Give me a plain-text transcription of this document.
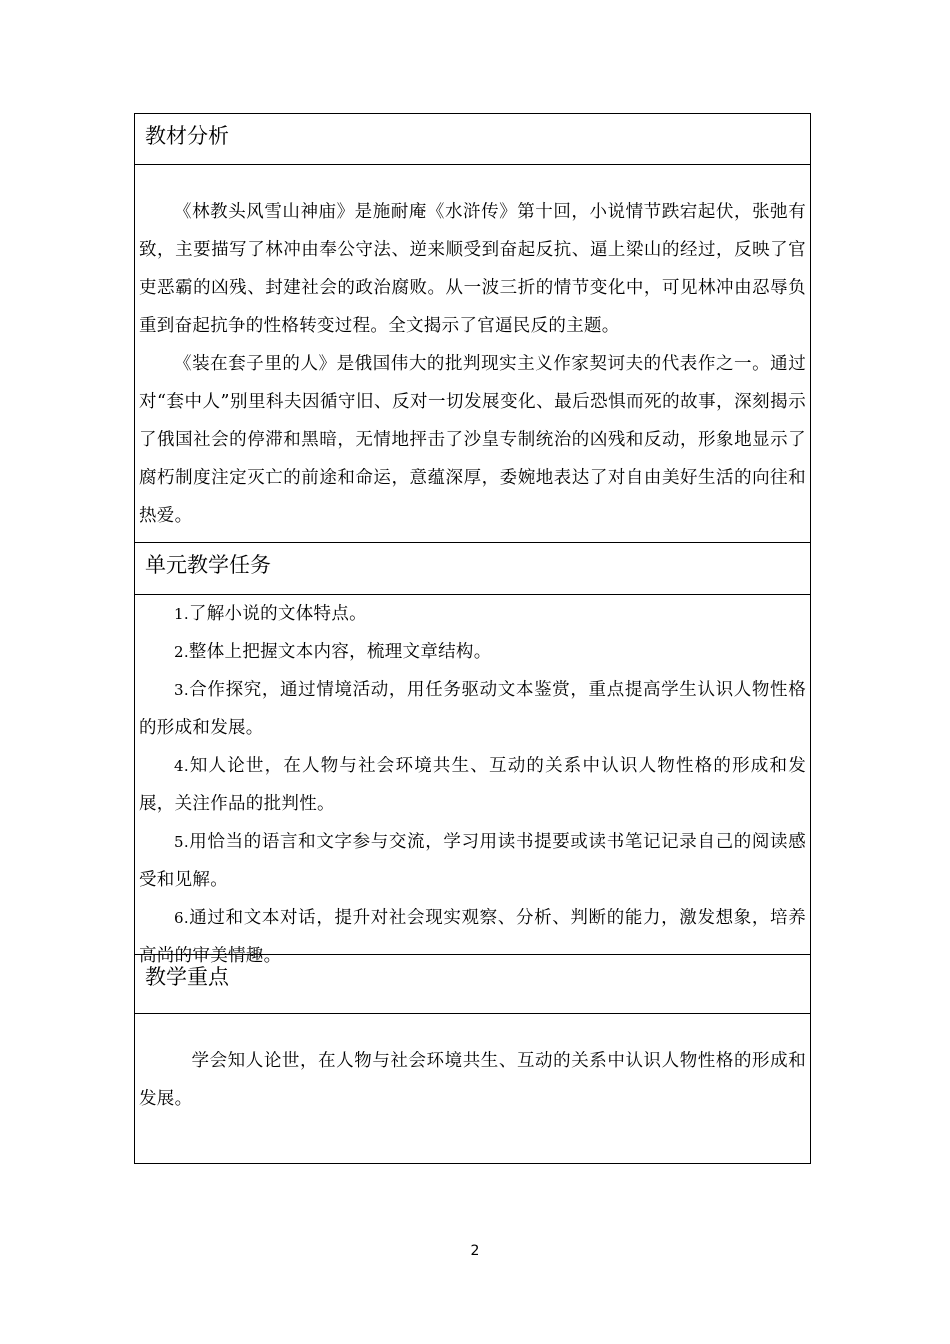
教材分析

《林教头风雪山神庙》是施耐庵《水浒传》第十回，小说情节跌宕起伏，张弛有致，主要描写了林冲由奉公守法、逆来顺受到奋起反抗、逼上梁山的经过，反映了官吏恶霸的凶残、封建社会的政治腐败。从一波三折的情节变化中，可见林冲由忍辱负重到奋起抗争的性格转变过程。全文揭示了官逼民反的主题。

《装在套子里的人》是俄国伟大的批判现实主义作家契诃夫的代表作之一。通过对“套中人”别里科夫因循守旧、反对一切发展变化、最后恐惧而死的故事，深刻揭示了俄国社会的停滞和黑暗，无情地抨击了沙皇专制统治的凶残和反动，形象地显示了腐朽制度注定灭亡的前途和命运，意蕴深厚，委婉地表达了对自由美好生活的向往和热爱。

单元教学任务

1.了解小说的文体特点。

2.整体上把握文本内容，梳理文章结构。

3.合作探究，通过情境活动，用任务驱动文本鉴赏，重点提高学生认识人物性格的形成和发展。

4.知人论世，在人物与社会环境共生、互动的关系中认识人物性格的形成和发展，关注作品的批判性。

5.用恰当的语言和文字参与交流，学习用读书提要或读书笔记记录自己的阅读感受和见解。

6.通过和文本对话，提升对社会现实观察、分析、判断的能力，激发想象，培养高尚的审美情趣。

教学重点

学会知人论世，在人物与社会环境共生、互动的关系中认识人物性格的形成和发展。

2
